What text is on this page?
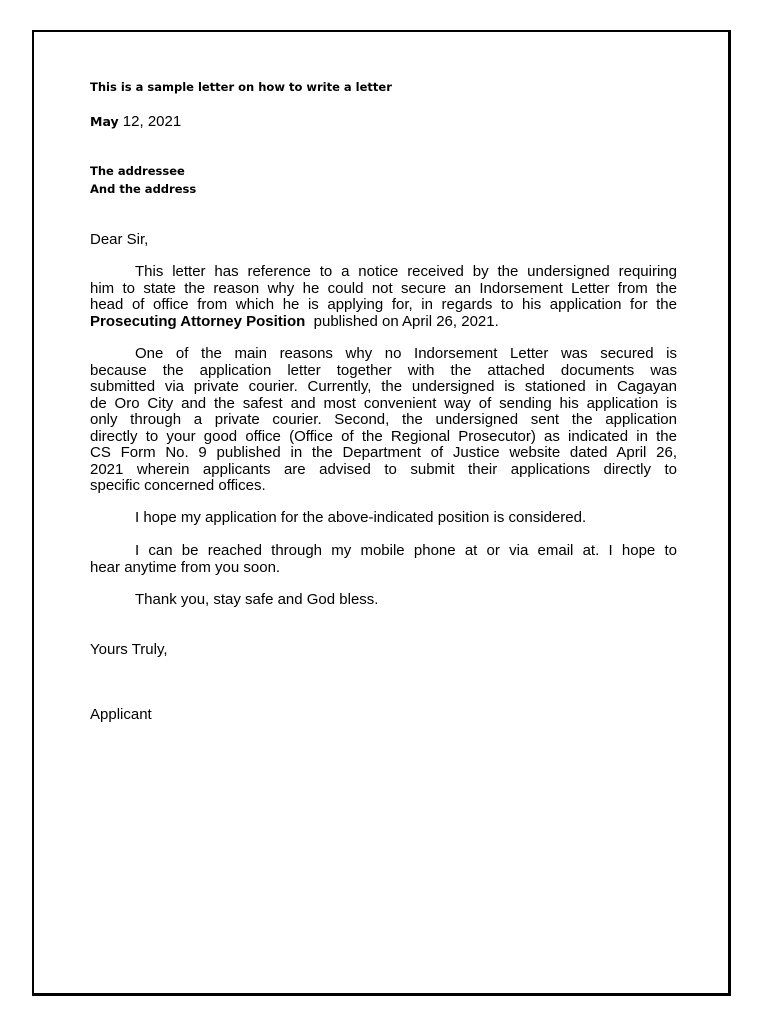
This is a sample letter on how to write a letter
May 12, 2021
The addressee
And the address
Dear Sir,
This letter has reference to a notice received by the undersigned requiring
him to state the reason why he could not secure an Indorsement Letter from the
head of office from which he is applying for, in regards to his application for the
Prosecuting Attorney Position  published on April 26, 2021.
One of the main reasons why no Indorsement Letter was secured is
because the application letter together with the attached documents was
submitted via private courier. Currently, the undersigned is stationed in Cagayan
de Oro City and the safest and most convenient way of sending his application is
only through a private courier. Second, the undersigned sent the application
directly to your good office (Office of the Regional Prosecutor) as indicated in the
CS Form No. 9 published in the Department of Justice website dated April 26,
2021 wherein applicants are advised to submit their applications directly to
specific concerned offices.
I hope my application for the above-indicated position is considered.
I can be reached through my mobile phone at or via email at. I hope to
hear anytime from you soon.
Thank you, stay safe and God bless.
Yours Truly,
Applicant
